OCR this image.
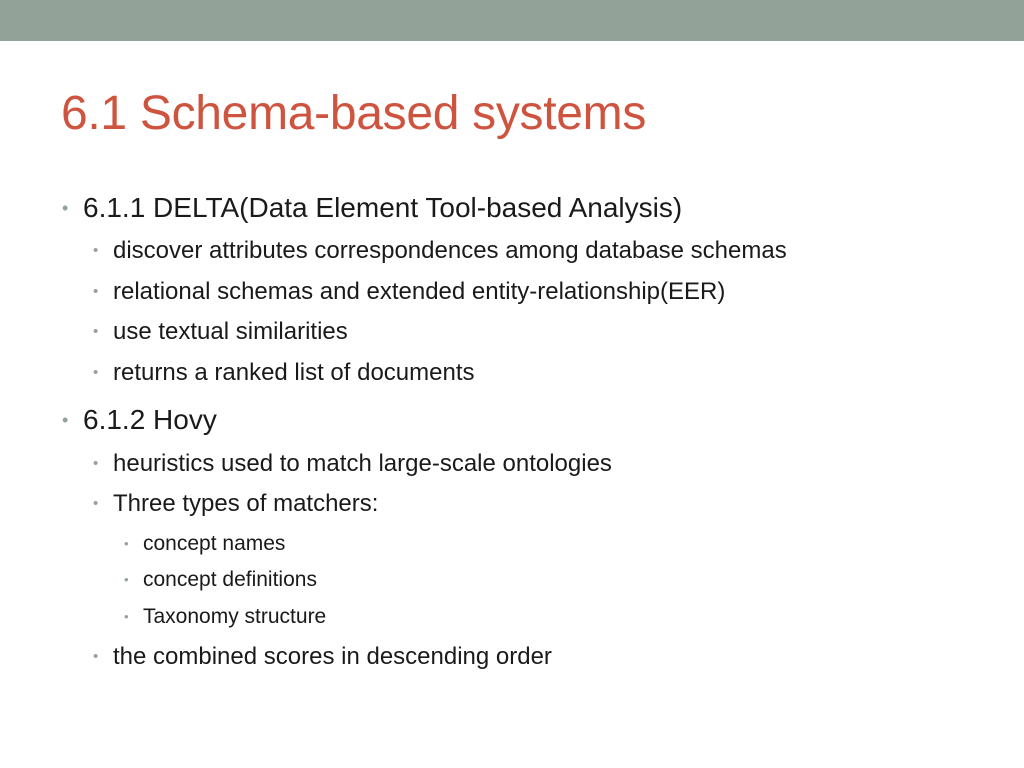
6.1 Schema-based systems
• 6.1.1 DELTA(Data Element Tool-based Analysis)
• discover attributes correspondences among database schemas
• relational schemas and extended entity-relationship(EER)
• use textual similarities
• returns a ranked list of documents
• 6.1.2 Hovy
• heuristics used to match large-scale ontologies
• Three types of matchers:
• concept names
• concept definitions
• Taxonomy structure
• the combined scores in descending order
